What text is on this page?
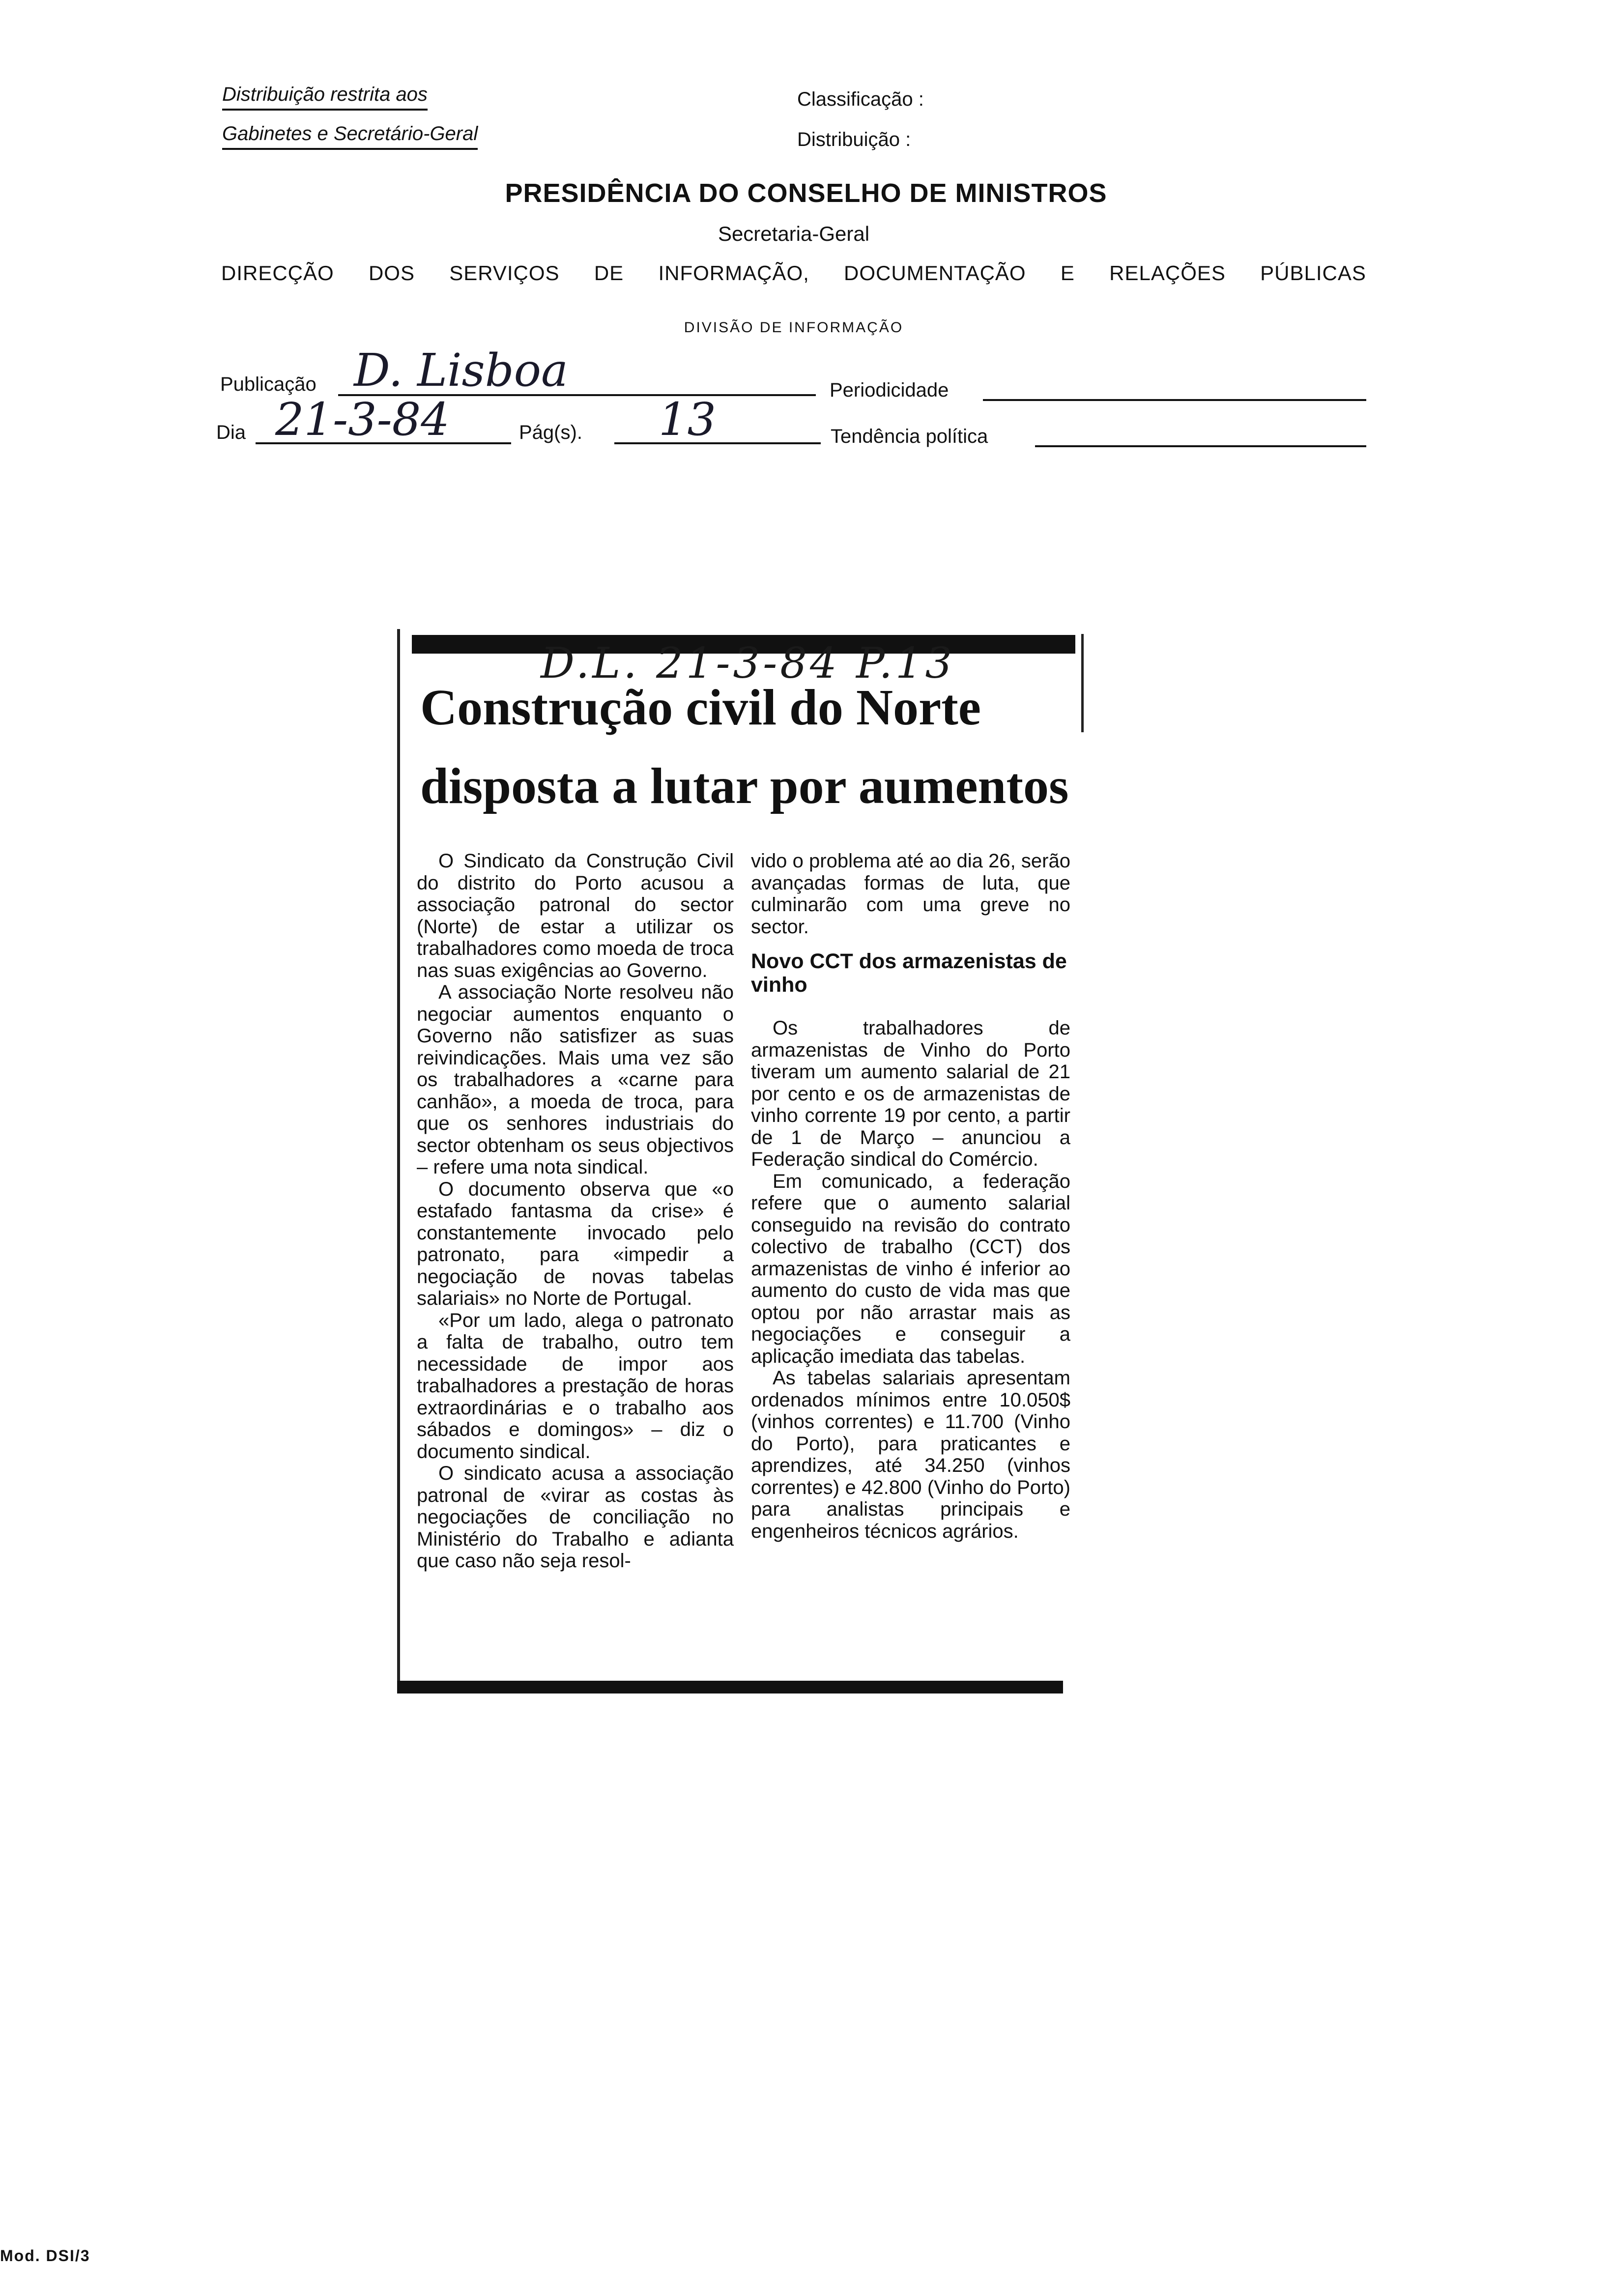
Distribuição restrita aos
Gabinetes e Secretário-Geral
Classificação :
Distribuição :
PRESIDÊNCIA DO CONSELHO DE MINISTROS
Secretaria-Geral
DIRECÇÃO DOS SERVIÇOS DE INFORMAÇÃO, DOCUMENTAÇÃO E RELAÇÕES PÚBLICAS
DIVISÃO DE INFORMAÇÃO
Publicação D. Lisboa	Periodicidade
Dia 21-3-84	Pág(s). 13	Tendência política
D.L. 21-3-84 P.13
Construção civil do Norte
disposta a lutar por aumentos

O Sindicato da Construção Civil do distrito do Porto acusou a associação patronal do sector (Norte) de estar a utilizar os trabalhadores como moeda de troca nas suas exigências ao Governo.

A associação Norte resolveu não negociar aumentos enquanto o Governo não satisfizer as suas reivindicações. Mais uma vez são os trabalhadores a «carne para canhão», a moeda de troca, para que os senhores industriais do sector obtenham os seus objectivos – refere uma nota sindical.

O documento observa que «o estafado fantasma da crise» é constantemente invocado pelo patronato, para «impedir a negociação de novas tabelas salariais» no Norte de Portugal.

«Por um lado, alega o patronato a falta de trabalho, outro tem necessidade de impor aos trabalhadores a prestação de horas extraordinárias e o trabalho aos sábados e domingos» – diz o documento sindical.

O sindicato acusa a associação patronal de «virar as costas às negociações de conciliação no Ministério do Trabalho e adianta que caso não seja resol-

vido o problema até ao dia 26, serão avançadas formas de luta, que culminarão com uma greve no sector.

Novo CCT dos armazenistas de vinho

Os trabalhadores de armazenistas de Vinho do Porto tiveram um aumento salarial de 21 por cento e os de armazenistas de vinho corrente 19 por cento, a partir de 1 de Março – anunciou a Federação sindical do Comércio.

Em comunicado, a federação refere que o aumento salarial conseguido na revisão do contrato colectivo de trabalho (CCT) dos armazenistas de vinho é inferior ao aumento do custo de vida mas que optou por não arrastar mais as negociações e conseguir a aplicação imediata das tabelas.

As tabelas salariais apresentam ordenados mínimos entre 10.050$ (vinhos correntes) e 11.700 (Vinho do Porto), para praticantes e aprendizes, até 34.250 (vinhos correntes) e 42.800 (Vinho do Porto) para analistas principais e engenheiros técnicos agrários.

Mod. DSI/3
